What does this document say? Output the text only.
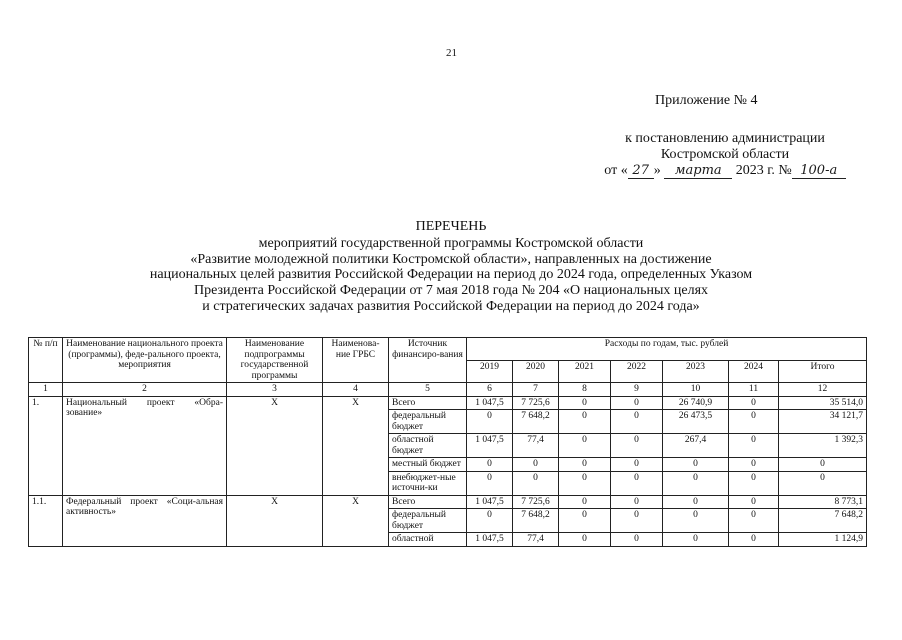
21
Приложение № 4
к постановлению администрации
Костромской области
от « 27 » марта 2023 г. № 100-а
ПЕРЕЧЕНЬ
мероприятий государственной программы Костромской области
«Развитие молодежной политики Костромской области», направленных на достижение
национальных целей развития Российской Федерации на период до 2024 года, определенных Указом
Президента Российской Федерации от 7 мая 2018 года № 204 «О национальных целях
и стратегических задачах развития Российской Федерации на период до 2024 года»
№ п/п	Наименование национального проекта (программы), феде-рального проекта, мероприятия	Наименование подпрограммы государственной программы	Наименова-ние ГРБС	Источник финансиро-вания	Расходы по годам, тыс. рублей						
					2019	2020	2021	2022	2023	2024	Итого
1	2	3	4	5	6	7	8	9	10	11	12
1.	Национальный проект «Обра-зование»	Х	Х	Всего	1 047,5	7 725,6	0	0	26 740,9	0	35 514,0
				федеральный бюджет	0	7 648,2	0	0	26 473,5	0	34 121,7
				областной бюджет	1 047,5	77,4	0	0	267,4	0	1 392,3
				местный бюджет	0	0	0	0	0	0	0
				внебюджет-ные источни-ки	0	0	0	0	0	0	0
1.1.	Федеральный проект «Соци-альная активность»	Х	Х	Всего	1 047,5	7 725,6	0	0	0	0	8 773,1
				федеральный бюджет	0	7 648,2	0	0	0	0	7 648,2
				областной	1 047,5	77,4	0	0	0	0	1 124,9
